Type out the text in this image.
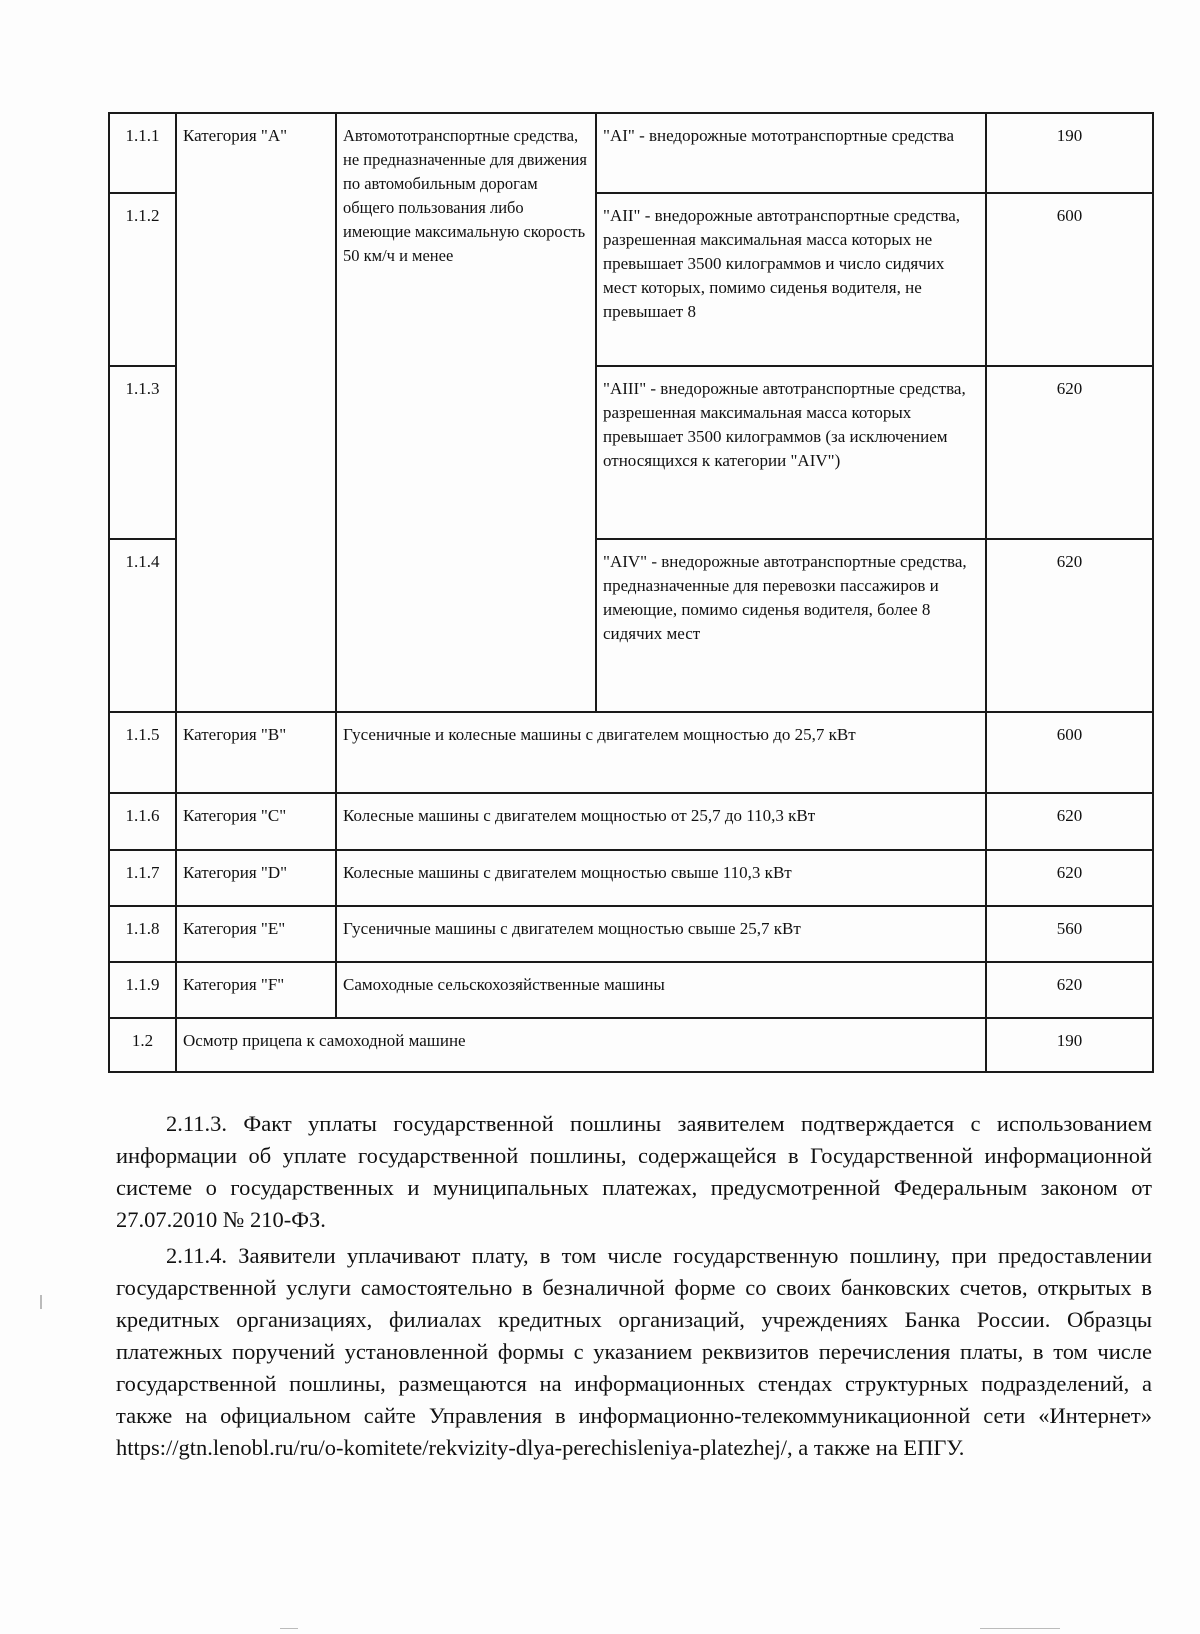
1.1.1	Категория "A"	Автомототранспортные средства, не предназначенные для движения по автомобильным дорогам общего пользования либо имеющие максимальную скорость 50 км/ч и менее	"AI" - внедорожные мототранспортные средства	190
1.1.2			"AII" - внедорожные автотранспортные средства, разрешенная максимальная масса которых не превышает 3500 килограммов и число сидячих мест которых, помимо сиденья водителя, не превышает 8	600
1.1.3			"AIII" - внедорожные автотранспортные средства, разрешенная максимальная масса которых превышает 3500 килограммов (за исключением относящихся к категории "AIV")	620
1.1.4			"AIV" - внедорожные автотранспортные средства, предназначенные для перевозки пассажиров и имеющие, помимо сиденья водителя, более 8 сидячих мест	620
1.1.5	Категория "B"	Гусеничные и колесные машины с двигателем мощностью до 25,7 кВт		600
1.1.6	Категория "C"	Колесные машины с двигателем мощностью от 25,7 до 110,3 кВт		620
1.1.7	Категория "D"	Колесные машины с двигателем мощностью свыше 110,3 кВт		620
1.1.8	Категория "E"	Гусеничные машины с двигателем мощностью свыше 25,7 кВт		560
1.1.9	Категория "F"	Самоходные сельскохозяйственные машины		620
1.2	Осмотр прицепа к самоходной машине			190

2.11.3. Факт уплаты государственной пошлины заявителем подтверждается с использованием информации об уплате государственной пошлины, содержащейся в Государственной информационной системе о государственных и муниципальных платежах, предусмотренной Федеральным законом от 27.07.2010 № 210-ФЗ.

2.11.4. Заявители уплачивают плату, в том числе государственную пошлину, при предоставлении государственной услуги самостоятельно в безналичной форме со своих банковских счетов, открытых в кредитных организациях, филиалах кредитных организаций, учреждениях Банка России. Образцы платежных поручений установленной формы с указанием реквизитов перечисления платы, в том числе государственной пошлины, размещаются на информационных стендах структурных подразделений, а также на официальном сайте Управления в информационно-телекоммуникационной сети «Интернет» https://gtn.lenobl.ru/ru/o-komitete/rekvizity-dlya-perechisleniya-platezhej/, а также на ЕПГУ.
